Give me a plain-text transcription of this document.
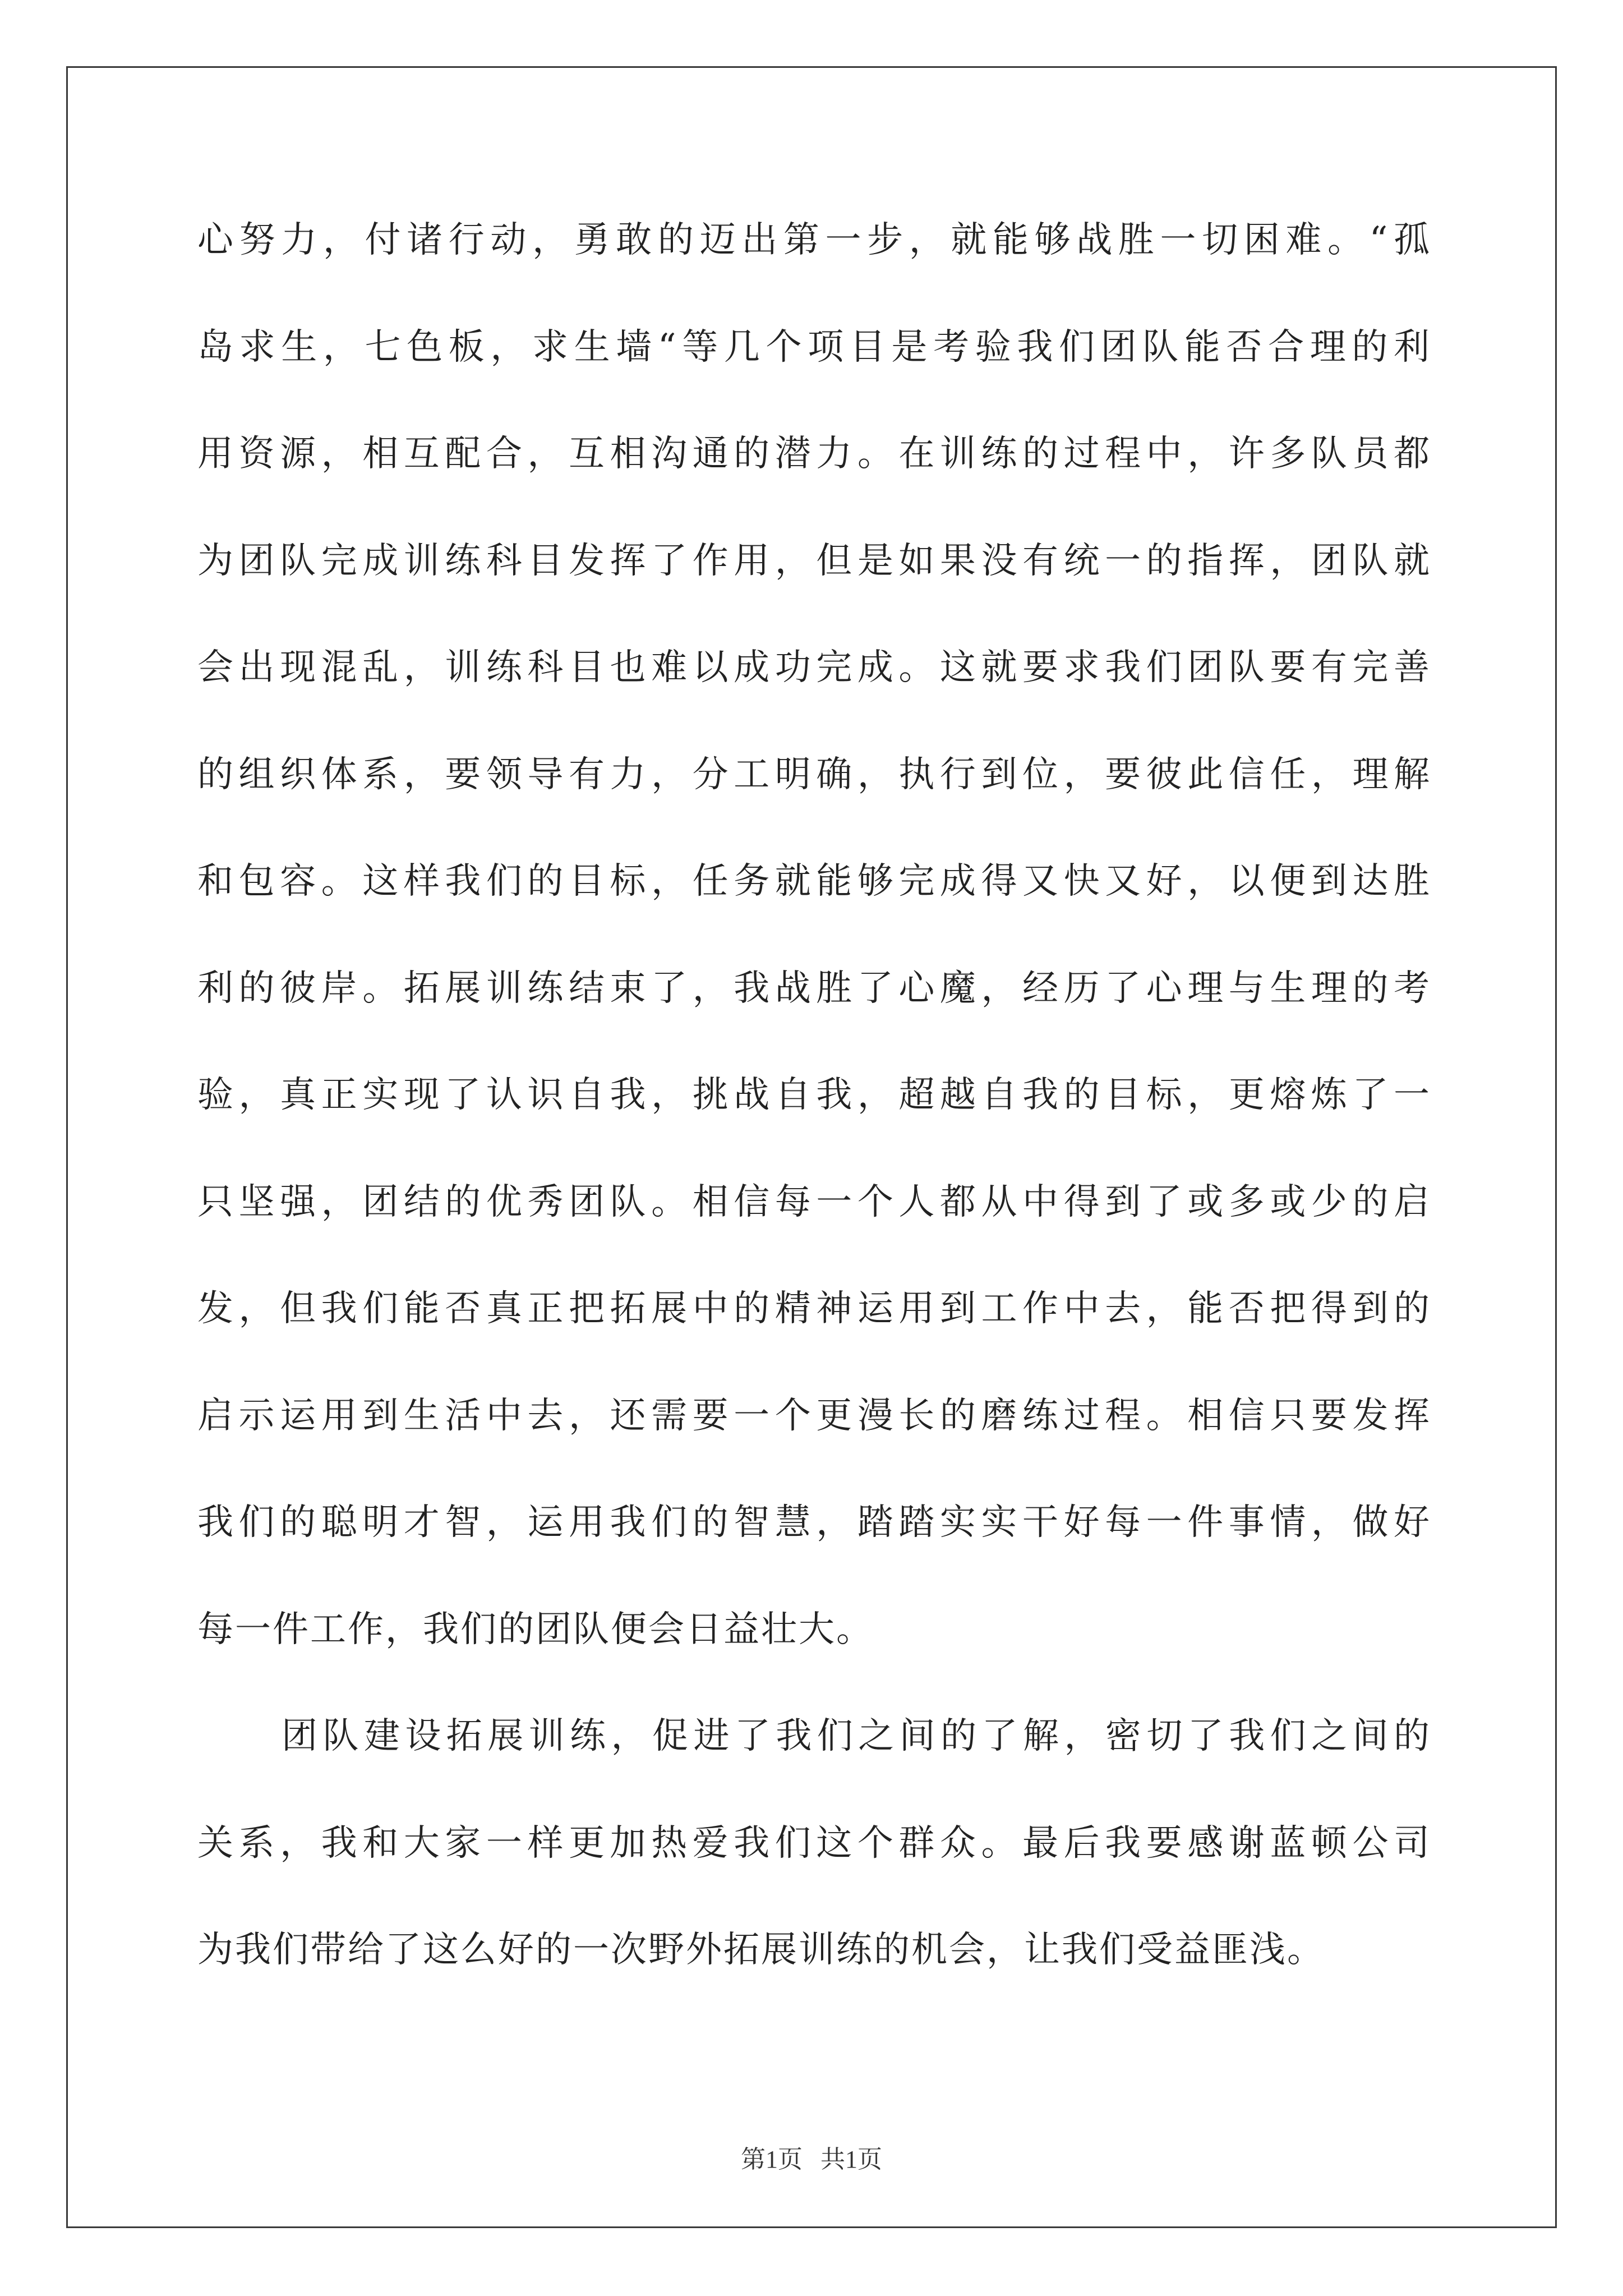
心努力，付诸行动，勇敢的迈出第一步，就能够战胜一切困难。“孤
岛求生，七色板，求生墙“等几个项目是考验我们团队能否合理的利
用资源，相互配合，互相沟通的潜力。在训练的过程中，许多队员都
为团队完成训练科目发挥了作用，但是如果没有统一的指挥，团队就
会出现混乱，训练科目也难以成功完成。这就要求我们团队要有完善
的组织体系，要领导有力，分工明确，执行到位，要彼此信任，理解
和包容。这样我们的目标，任务就能够完成得又快又好，以便到达胜
利的彼岸。拓展训练结束了，我战胜了心魔，经历了心理与生理的考
验，真正实现了认识自我，挑战自我，超越自我的目标，更熔炼了一
只坚强，团结的优秀团队。相信每一个人都从中得到了或多或少的启
发，但我们能否真正把拓展中的精神运用到工作中去，能否把得到的
启示运用到生活中去，还需要一个更漫长的磨练过程。相信只要发挥
我们的聪明才智，运用我们的智慧，踏踏实实干好每一件事情，做好
每一件工作，我们的团队便会日益壮大。
团队建设拓展训练，促进了我们之间的了解，密切了我们之间的
关系，我和大家一样更加热爱我们这个群众。最后我要感谢蓝顿公司
为我们带给了这么好的一次野外拓展训练的机会，让我们受益匪浅。
第1页 共1页
